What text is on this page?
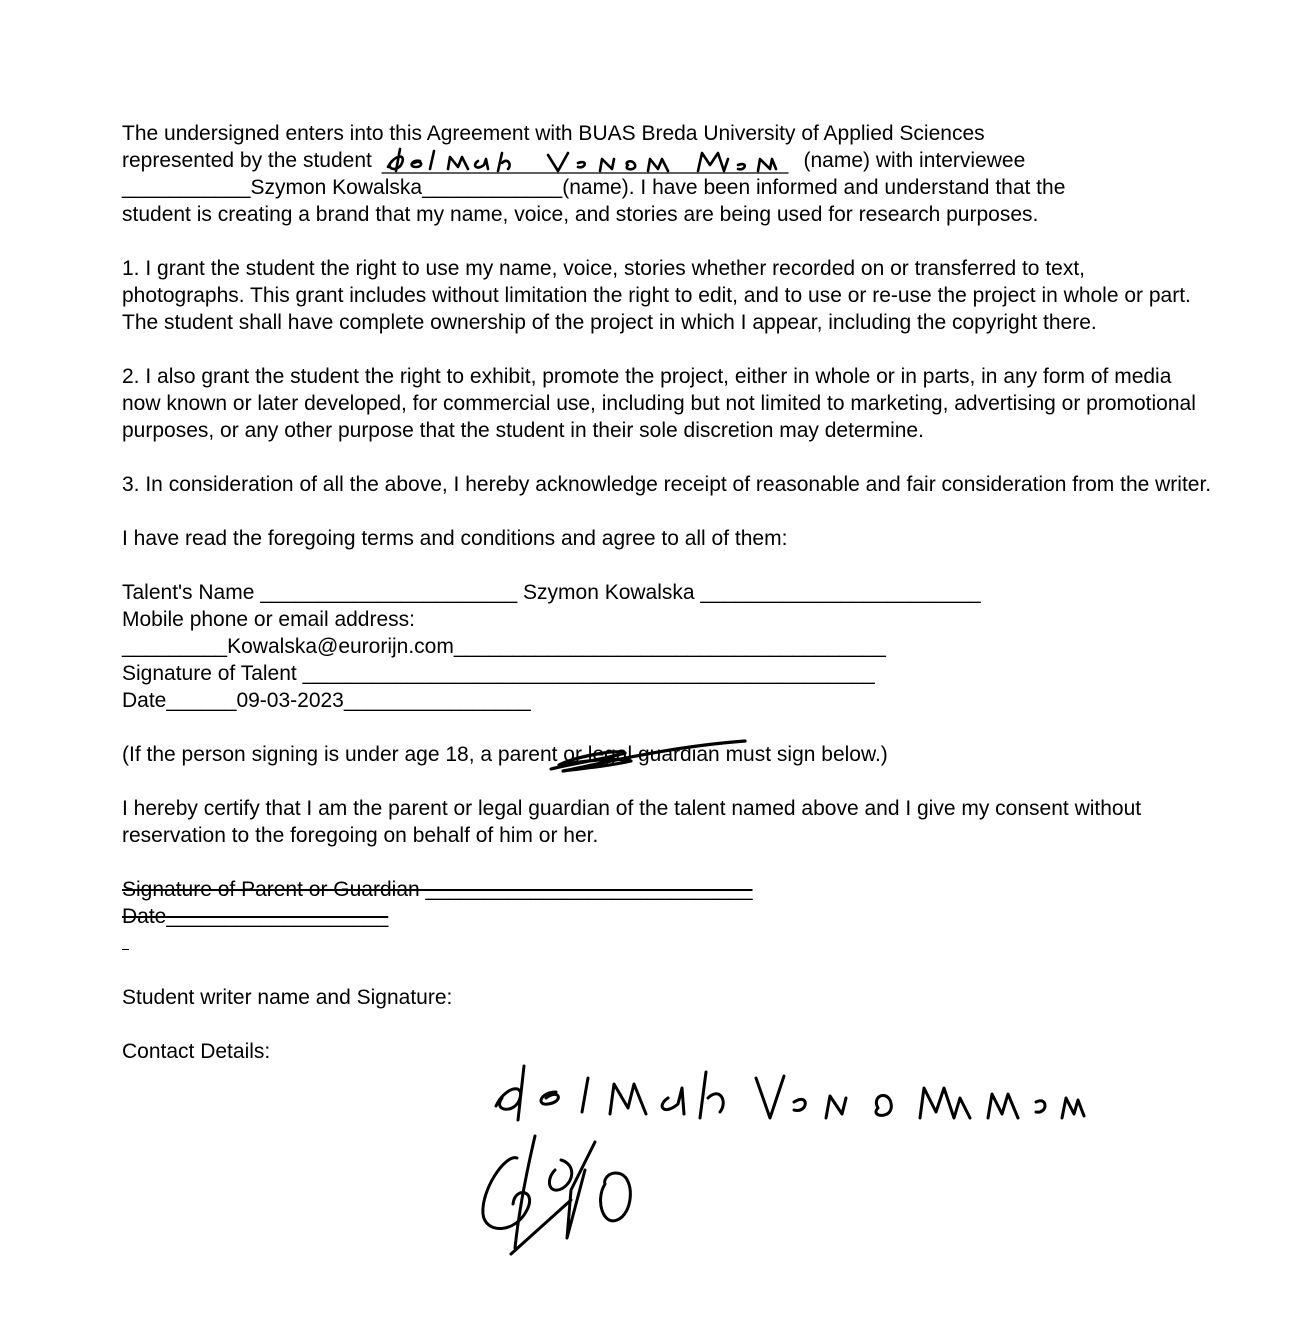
The undersigned enters into this Agreement with BUAS Breda University of Applied Sciences
represented by the student	(name) with interviewee
___________Szymon Kowalska____________(name). I have been informed and understand that the
student is creating a brand that my name, voice, and stories are being used for research purposes.

1. I grant the student the right to use my name, voice, stories whether recorded on or transferred to text, photographs. This grant includes without limitation the right to edit, and to use or re-use the project in whole or part. The student shall have complete ownership of the project in which I appear, including the copyright there.

2. I also grant the student the right to exhibit, promote the project, either in whole or in parts, in any form of media now known or later developed, for commercial use, including but not limited to marketing, advertising or promotional purposes, or any other purpose that the student in their sole discretion may determine.

3. In consideration of all the above, I hereby acknowledge receipt of reasonable and fair consideration from the writer.

I have read the foregoing terms and conditions and agree to all of them:

Talent's Name ______________________ Szymon Kowalska ________________________
Mobile phone or email address:
_________Kowalska@eurorijn.com_____________________________________
Signature of Talent _________________________________________________
Date______09-03-2023________________

(If the person signing is under age 18, a parent or legal guardian must sign below.)

I hereby certify that I am the parent or legal guardian of the talent named above and I give my consent without reservation to the foregoing on behalf of him or her.

Signature of Parent or Guardian ____________________________
Date___________________

Student writer name and Signature:

Contact Details:
